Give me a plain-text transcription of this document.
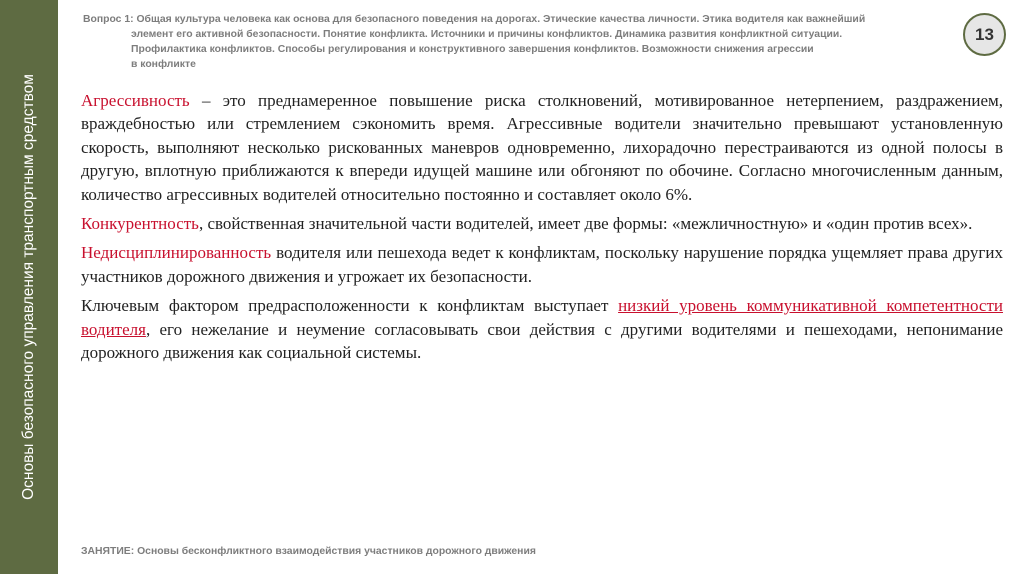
Основы безопасного управления транспортным средством
Вопрос 1: Общая культура человека как основа для безопасного поведения на дорогах. Этические качества личности. Этика водителя как важнейший
элемент его активной безопасности. Понятие конфликта. Источники и причины конфликтов. Динамика развития конфликтной ситуации.
Профилактика конфликтов. Способы регулирования и конструктивного завершения конфликтов. Возможности снижения агрессии
в конфликте
13

Агрессивность – это преднамеренное повышение риска столкновений, мотивированное нетерпением, раздражением, враждебностью или стремлением сэкономить время. Агрессивные водители значительно превышают установленную скорость, выполняют несколько рискованных маневров одновременно, лихорадочно перестраиваются из одной полосы в другую, вплотную приближаются к впереди идущей машине или обгоняют по обочине. Согласно многочисленным данным, количество агрессивных водителей относительно постоянно и составляет около 6%.

Конкурентность, свойственная значительной части водителей, имеет две формы: «межличностную» и «один против всех».

Недисциплинированность водителя или пешехода ведет к конфликтам, поскольку нарушение порядка ущемляет права других участников дорожного движения и угрожает их безопасности.

Ключевым фактором предрасположенности к конфликтам выступает низкий уровень коммуникативной компетентности водителя, его нежелание и неумение согласовывать свои действия с другими водителями и пешеходами, непонимание дорожного движения как социальной системы.

ЗАНЯТИЕ: Основы бесконфликтного взаимодействия участников дорожного движения
